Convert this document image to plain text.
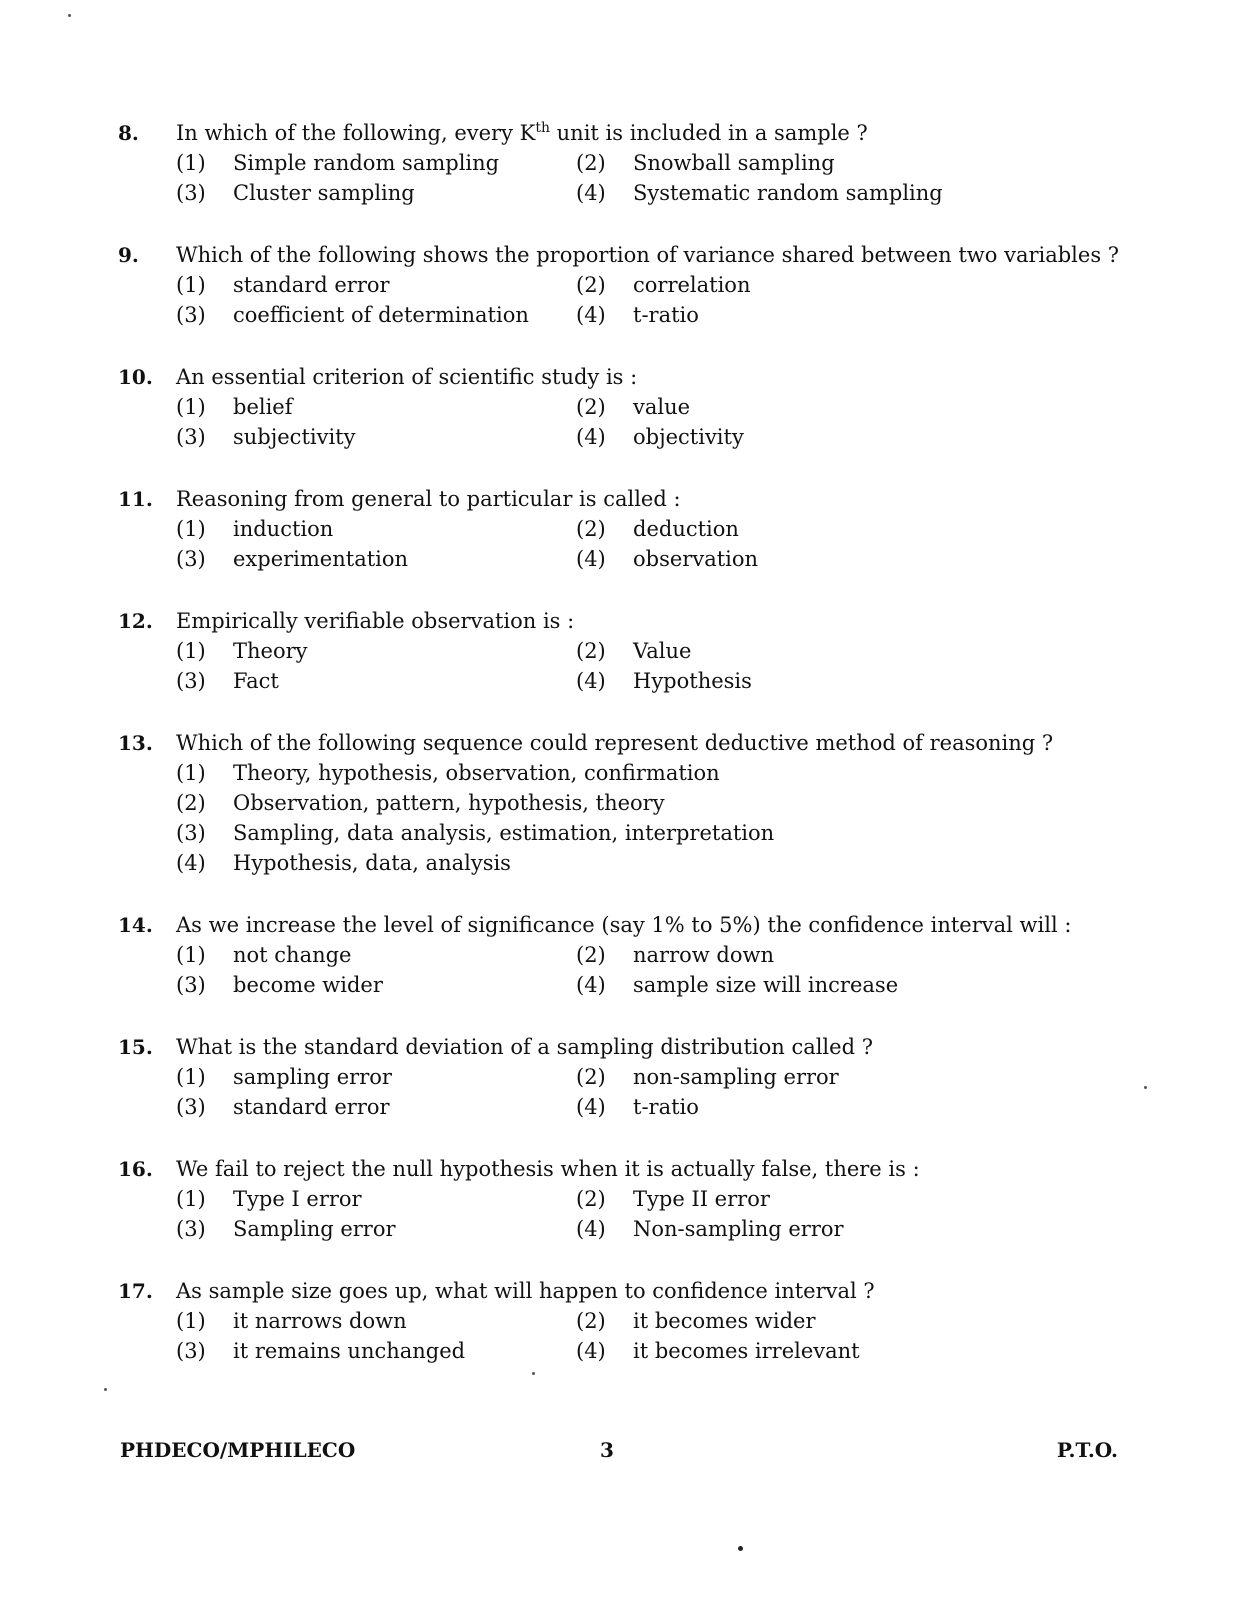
8.	In which of the following, every $K^{th}$ unit is included in a sample ?
(1)	Simple random sampling	(2)	Snowball sampling
(3)	Cluster sampling	(4)	Systematic random sampling
9.	Which of the following shows the proportion of variance shared between two variables ?
(1)	standard error	(2)	correlation
(3)	coefficient of determination (4)	t-ratio
10.	An essential criterion of scientific study is :
(1)	belief	(2)	value
(3)	subjectivity	(4)	objectivity
11.	Reasoning from general to particular is called :
(1)	induction	(2)	deduction
(3)	experimentation	(4)	observation
12.	Empirically verifiable observation is :
(1)	Theory	(2)	Value
(3)	Fact	(4)	Hypothesis
13.	Which of the following sequence could represent deductive method of reasoning ?
(1)	Theory, hypothesis, observation, confirmation
(2)	Observation, pattern, hypothesis, theory
(3)	Sampling, data analysis, estimation, interpretation
(4)	Hypothesis, data, analysis
14.	As we increase the level of significance (say 1% to 5%) the confidence interval will :
(1)	not change	(2)	narrow down
(3)	become wider	(4)	sample size will increase
15.	What is the standard deviation of a sampling distribution called ?
(1)	sampling error	(2)	non-sampling error
(3)	standard error	(4)	t-ratio
16.	We fail to reject the null hypothesis when it is actually false, there is :
(1)	Type I error	(2)	Type II error
(3)	Sampling error	(4)	Non-sampling error
17.	As sample size goes up, what will happen to confidence interval ?
(1)	it narrows down	(2)	it becomes wider
(3)	it remains unchanged	(4)	it becomes irrelevant
PHDECO/MPHILECO	3	P.T.O.
